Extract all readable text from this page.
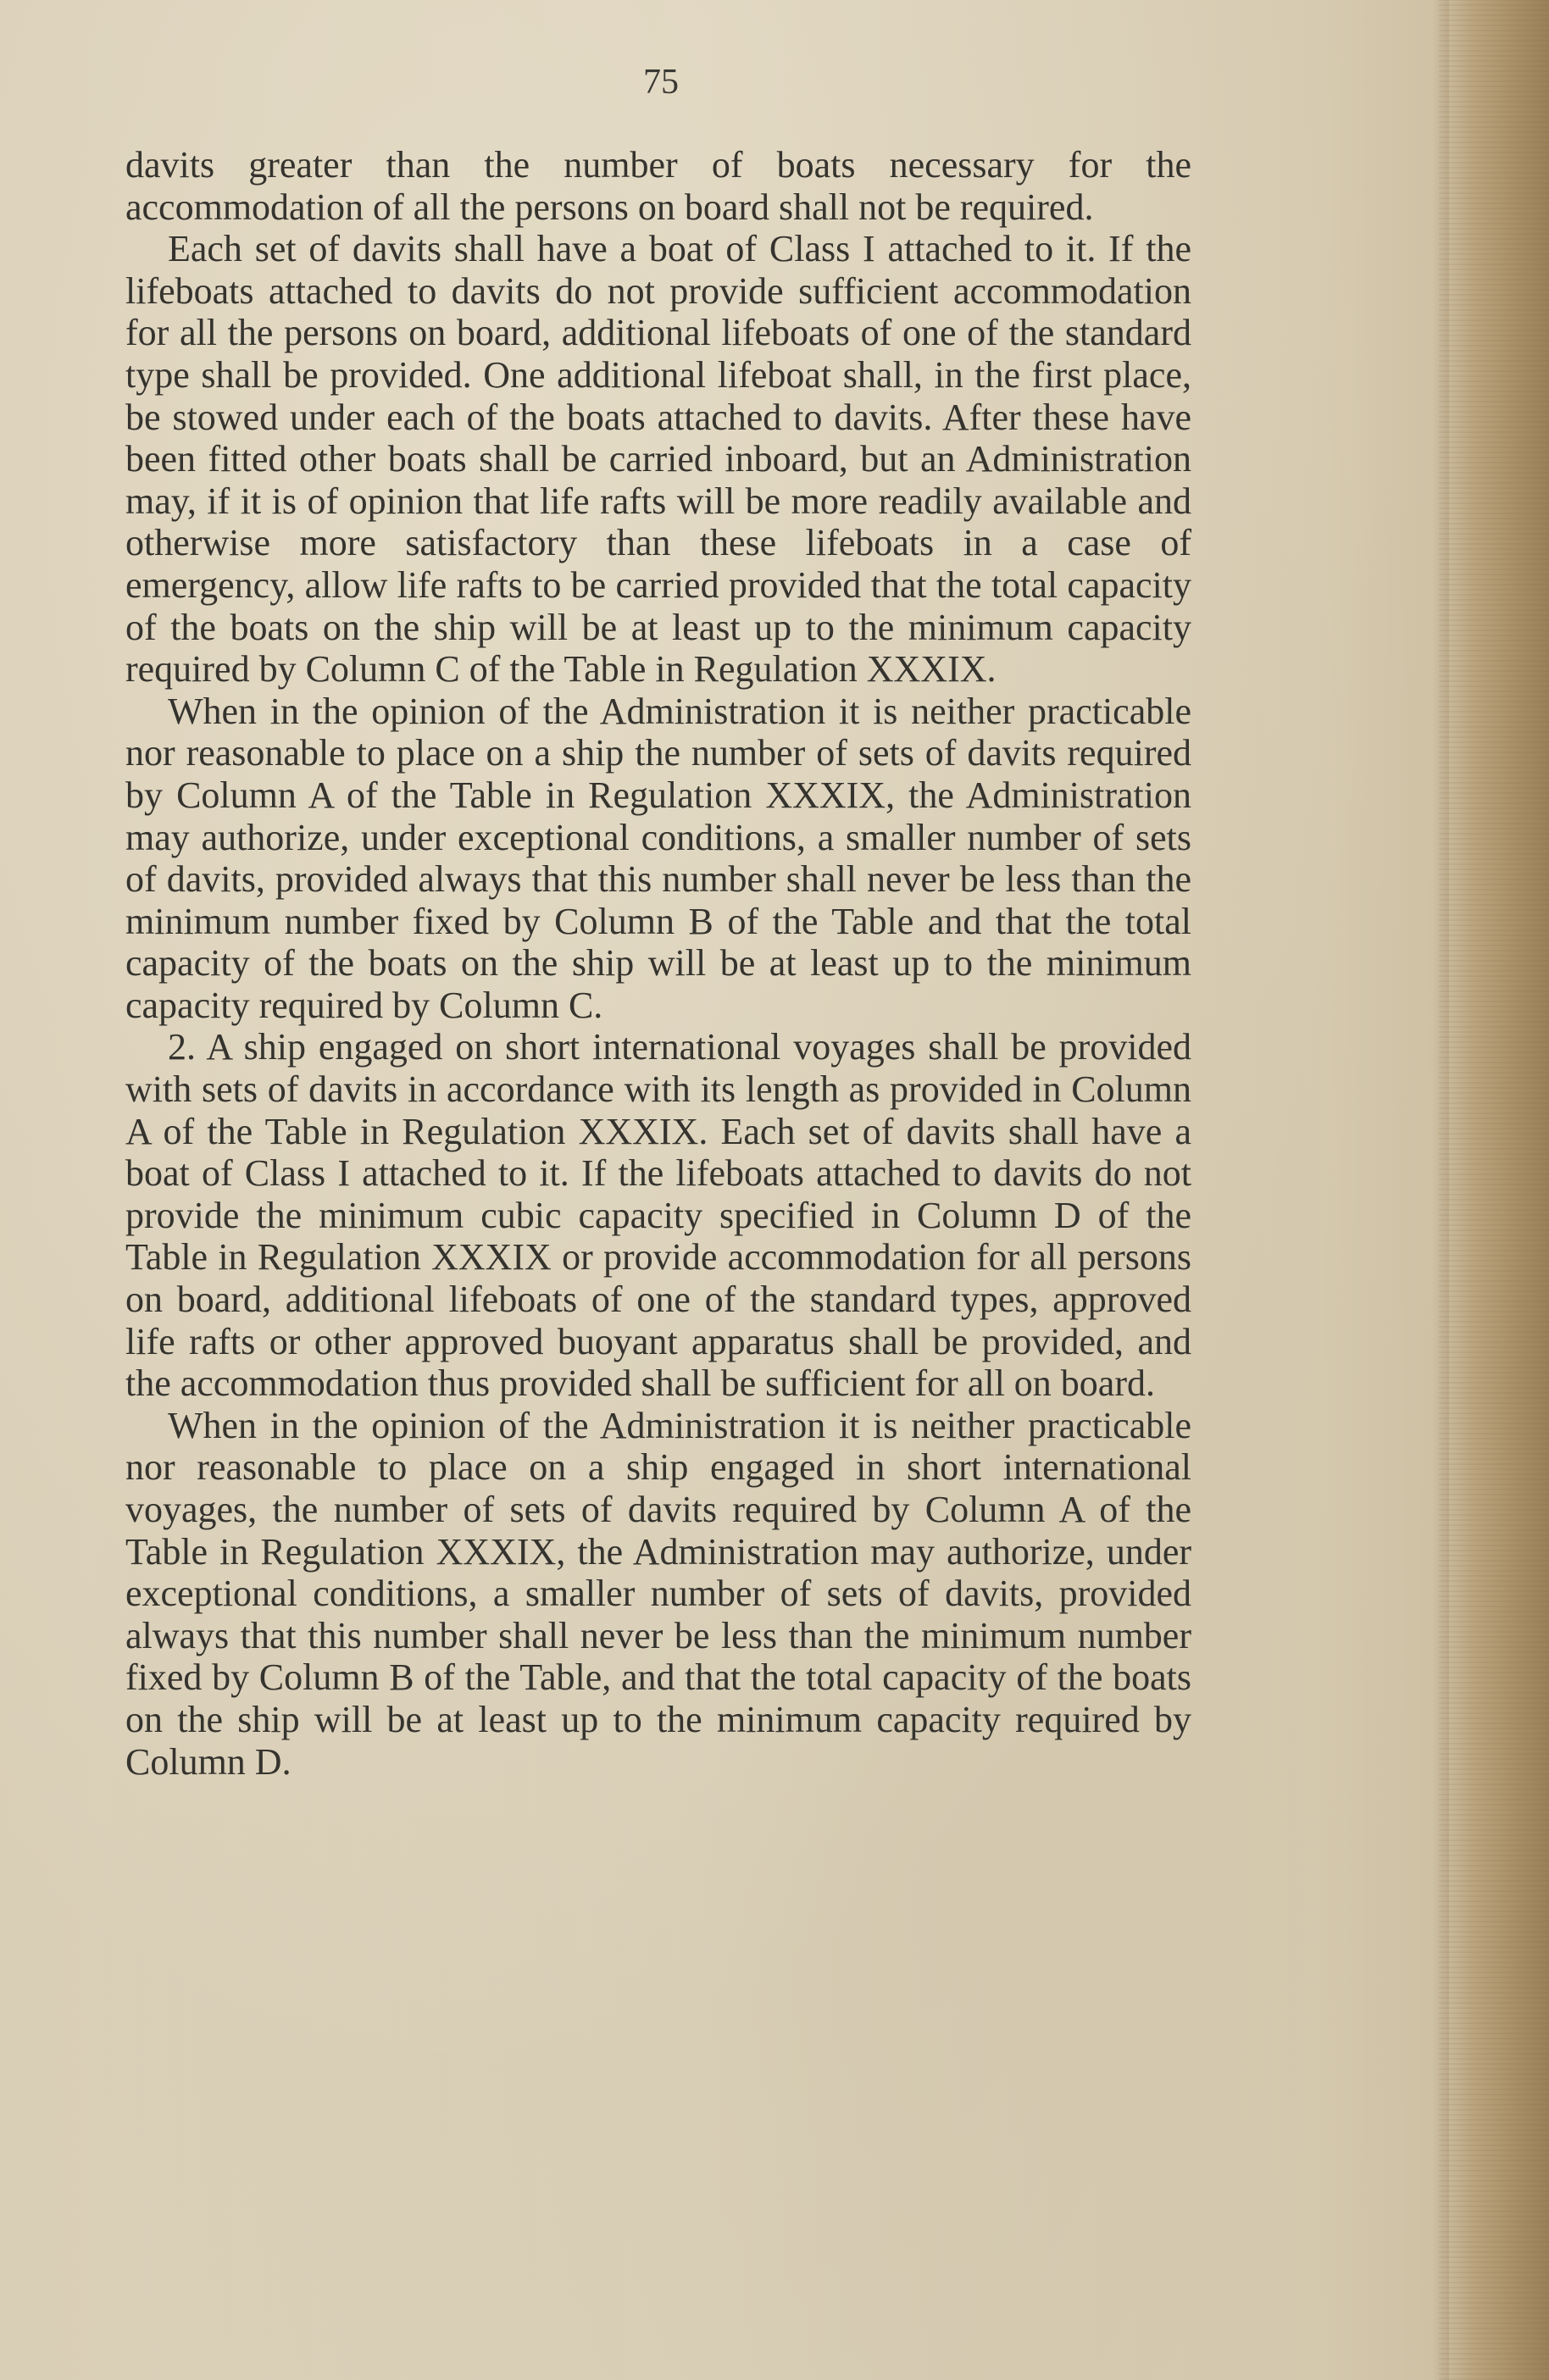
75

davits greater than the number of boats necessary for the accommodation of all the persons on board shall not be required.

Each set of davits shall have a boat of Class I attached to it. If the lifeboats attached to davits do not provide sufficient accommodation for all the persons on board, additional lifeboats of one of the standard type shall be provided. One additional lifeboat shall, in the first place, be stowed under each of the boats attached to davits. After these have been fitted other boats shall be carried inboard, but an Administration may, if it is of opinion that life rafts will be more readily available and otherwise more satisfactory than these lifeboats in a case of emergency, allow life rafts to be carried provided that the total capacity of the boats on the ship will be at least up to the minimum capacity required by Column C of the Table in Regulation XXXIX.

When in the opinion of the Administration it is neither practicable nor reasonable to place on a ship the number of sets of davits required by Column A of the Table in Regulation XXXIX, the Administration may authorize, under exceptional conditions, a smaller number of sets of davits, provided always that this number shall never be less than the minimum number fixed by Column B of the Table and that the total capacity of the boats on the ship will be at least up to the minimum capacity required by Column C.

2. A ship engaged on short international voyages shall be provided with sets of davits in accordance with its length as provided in Column A of the Table in Regulation XXXIX. Each set of davits shall have a boat of Class I attached to it. If the lifeboats attached to davits do not provide the minimum cubic capacity specified in Column D of the Table in Regulation XXXIX or provide accommodation for all persons on board, additional lifeboats of one of the standard types, approved life rafts or other approved buoyant apparatus shall be provided, and the accommodation thus provided shall be sufficient for all on board.

When in the opinion of the Administration it is neither practicable nor reasonable to place on a ship engaged in short international voyages, the number of sets of davits required by Column A of the Table in Regulation XXXIX, the Administration may authorize, under exceptional conditions, a smaller number of sets of davits, provided always that this number shall never be less than the minimum number fixed by Column B of the Table, and that the total capacity of the boats on the ship will be at least up to the minimum capacity required by Column D.
